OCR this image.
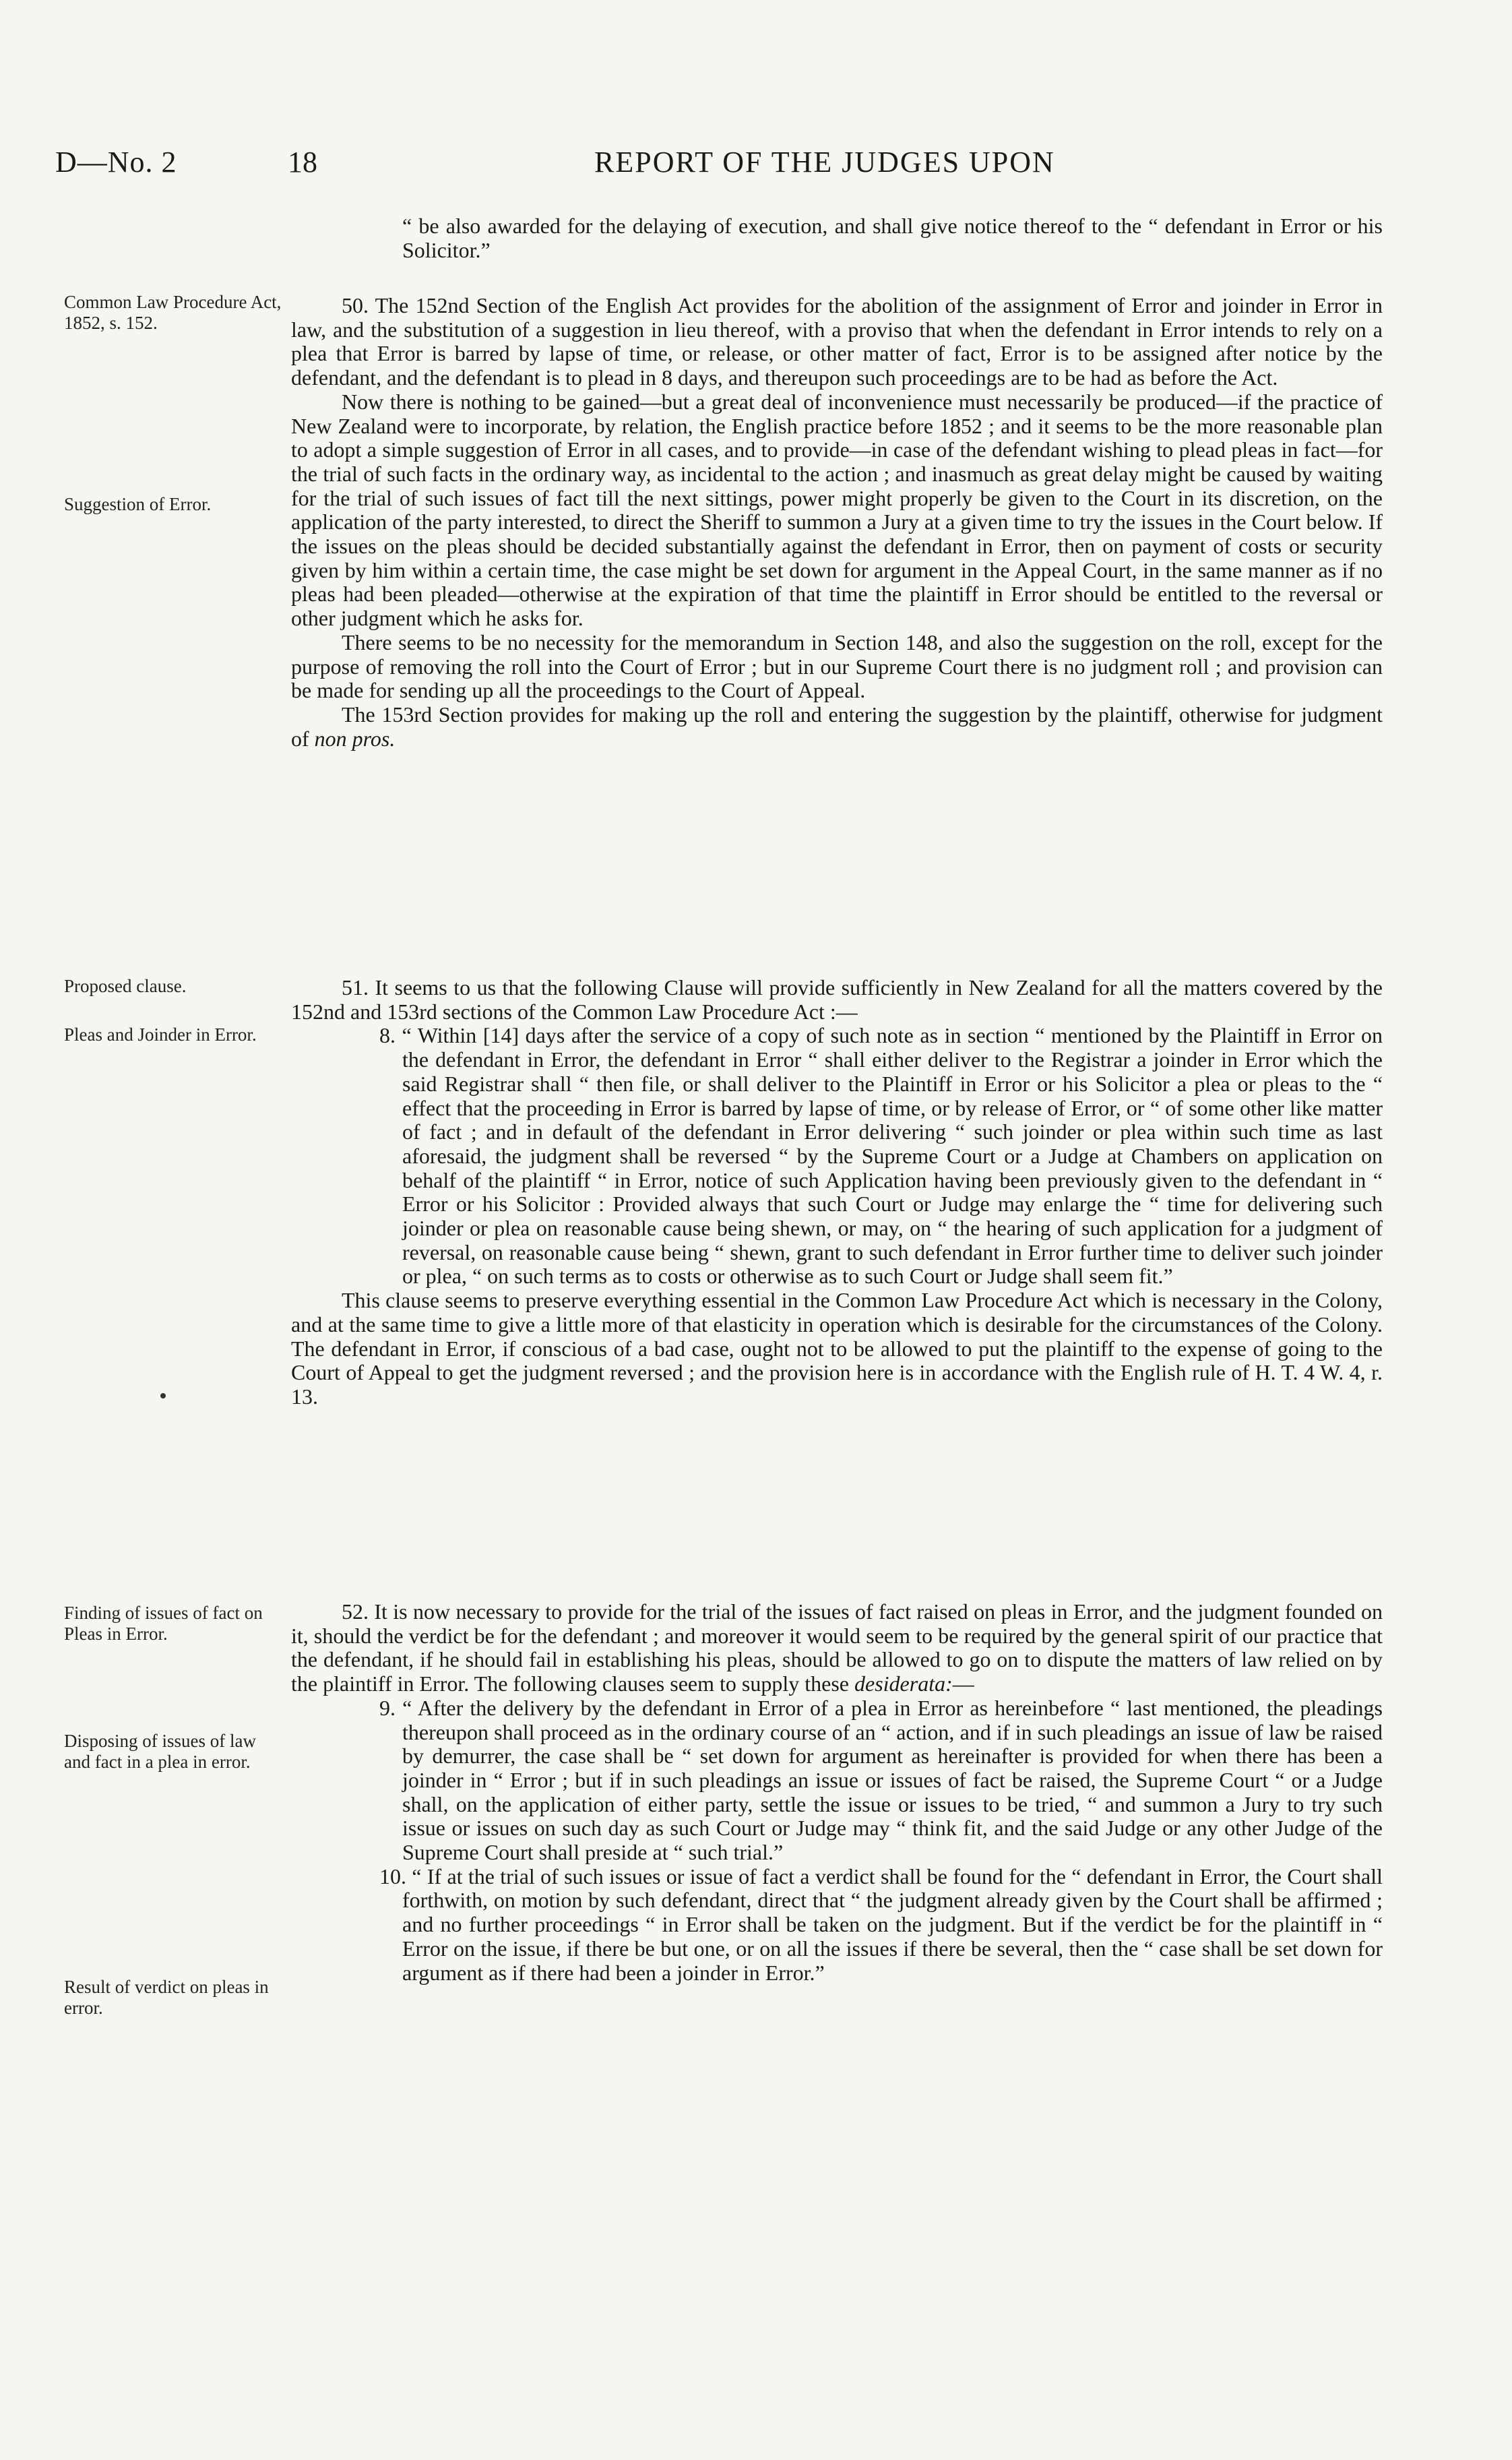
D—No. 2	18	REPORT OF THE JUDGES UPON
Common Law Procedure Act, 1852, s. 152.
Suggestion of Error.
Proposed clause.
Pleas and Joinder in Error.
Finding of issues of fact on Pleas in Error.
Disposing of issues of law and fact in a plea in error.
Result of verdict on pleas in error.

“ be also awarded for the delaying of execution, and shall give notice thereof to the “ defendant in Error or his Solicitor.”

50. The 152nd Section of the English Act provides for the abolition of the assignment of Error and joinder in Error in law, and the substitution of a suggestion in lieu thereof, with a proviso that when the defendant in Error intends to rely on a plea that Error is barred by lapse of time, or release, or other matter of fact, Error is to be assigned after notice by the defendant, and the defendant is to plead in 8 days, and thereupon such proceedings are to be had as before the Act.

Now there is nothing to be gained—but a great deal of inconvenience must necessarily be produced—if the practice of New Zealand were to incorporate, by relation, the English practice before 1852 ; and it seems to be the more reasonable plan to adopt a simple suggestion of Error in all cases, and to provide—in case of the defendant wishing to plead pleas in fact—for the trial of such facts in the ordinary way, as incidental to the action ; and inasmuch as great delay might be caused by waiting for the trial of such issues of fact till the next sittings, power might properly be given to the Court in its discretion, on the application of the party interested, to direct the Sheriff to summon a Jury at a given time to try the issues in the Court below. If the issues on the pleas should be decided substantially against the defendant in Error, then on payment of costs or security given by him within a certain time, the case might be set down for argument in the Appeal Court, in the same manner as if no pleas had been pleaded—otherwise at the expiration of that time the plaintiff in Error should be entitled to the reversal or other judgment which he asks for.

There seems to be no necessity for the memorandum in Section 148, and also the suggestion on the roll, except for the purpose of removing the roll into the Court of Error ; but in our Supreme Court there is no judgment roll ; and provision can be made for sending up all the proceedings to the Court of Appeal.

The 153rd Section provides for making up the roll and entering the suggestion by the plaintiff, otherwise for judgment of non pros.

51. It seems to us that the following Clause will provide sufficiently in New Zealand for all the matters covered by the 152nd and 153rd sections of the Common Law Procedure Act :—

8. “ Within [14] days after the service of a copy of such note as in section “ mentioned by the Plaintiff in Error on the defendant in Error, the defendant in Error “ shall either deliver to the Registrar a joinder in Error which the said Registrar shall “ then file, or shall deliver to the Plaintiff in Error or his Solicitor a plea or pleas to the “ effect that the proceeding in Error is barred by lapse of time, or by release of Error, or “ of some other like matter of fact ; and in default of the defendant in Error delivering “ such joinder or plea within such time as last aforesaid, the judgment shall be reversed “ by the Supreme Court or a Judge at Chambers on application on behalf of the plaintiff “ in Error, notice of such Application having been previously given to the defendant in “ Error or his Solicitor : Provided always that such Court or Judge may enlarge the “ time for delivering such joinder or plea on reasonable cause being shewn, or may, on “ the hearing of such application for a judgment of reversal, on reasonable cause being “ shewn, grant to such defendant in Error further time to deliver such joinder or plea, “ on such terms as to costs or otherwise as to such Court or Judge shall seem fit.”

This clause seems to preserve everything essential in the Common Law Procedure Act which is necessary in the Colony, and at the same time to give a little more of that elasticity in operation which is desirable for the circumstances of the Colony. The defendant in Error, if conscious of a bad case, ought not to be allowed to put the plaintiff to the expense of going to the Court of Appeal to get the judgment reversed ; and the provision here is in accordance with the English rule of H. T. 4 W. 4, r. 13.

52. It is now necessary to provide for the trial of the issues of fact raised on pleas in Error, and the judgment founded on it, should the verdict be for the defendant ; and moreover it would seem to be required by the general spirit of our practice that the defendant, if he should fail in establishing his pleas, should be allowed to go on to dispute the matters of law relied on by the plaintiff in Error. The following clauses seem to supply these desiderata:—

9. “ After the delivery by the defendant in Error of a plea in Error as hereinbefore “ last mentioned, the pleadings thereupon shall proceed as in the ordinary course of an “ action, and if in such pleadings an issue of law be raised by demurrer, the case shall be “ set down for argument as hereinafter is provided for when there has been a joinder in “ Error ; but if in such pleadings an issue or issues of fact be raised, the Supreme Court “ or a Judge shall, on the application of either party, settle the issue or issues to be tried, “ and summon a Jury to try such issue or issues on such day as such Court or Judge may “ think fit, and the said Judge or any other Judge of the Supreme Court shall preside at “ such trial.”

10. “ If at the trial of such issues or issue of fact a verdict shall be found for the “ defendant in Error, the Court shall forthwith, on motion by such defendant, direct that “ the judgment already given by the Court shall be affirmed ; and no further proceedings “ in Error shall be taken on the judgment. But if the verdict be for the plaintiff in “ Error on the issue, if there be but one, or on all the issues if there be several, then the “ case shall be set down for argument as if there had been a joinder in Error.”
